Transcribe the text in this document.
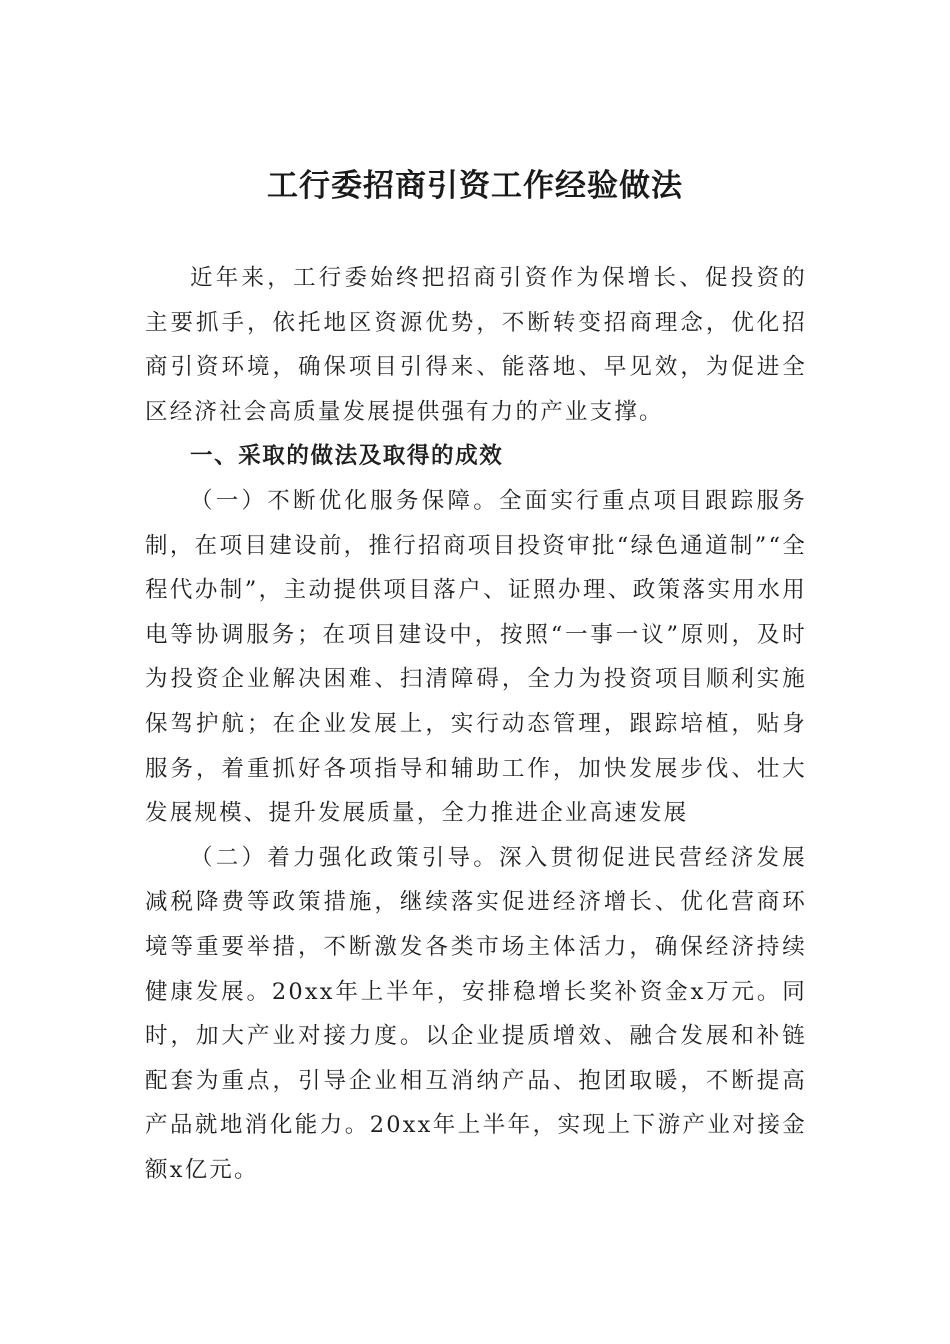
工行委招商引资工作经验做法

近年来，工行委始终把招商引资作为保增长、促投资的主要抓手，依托地区资源优势，不断转变招商理念，优化招商引资环境，确保项目引得来、能落地、早见效，为促进全区经济社会高质量发展提供强有力的产业支撑。

一、采取的做法及取得的成效

（一）不断优化服务保障。全面实行重点项目跟踪服务制，在项目建设前，推行招商项目投资审批“绿色通道制”“全程代办制”，主动提供项目落户、证照办理、政策落实用水用电等协调服务；在项目建设中，按照“一事一议”原则，及时为投资企业解决困难、扫清障碍，全力为投资项目顺利实施保驾护航；在企业发展上，实行动态管理，跟踪培植，贴身服务，着重抓好各项指导和辅助工作，加快发展步伐、壮大发展规模、提升发展质量，全力推进企业高速发展

（二）着力强化政策引导。深入贯彻促进民营经济发展减税降费等政策措施，继续落实促进经济增长、优化营商环境等重要举措，不断激发各类市场主体活力，确保经济持续健康发展。20xx年上半年，安排稳增长奖补资金x万元。同时，加大产业对接力度。以企业提质增效、融合发展和补链配套为重点，引导企业相互消纳产品、抱团取暖，不断提高产品就地消化能力。20xx年上半年，实现上下游产业对接金额x亿元。
